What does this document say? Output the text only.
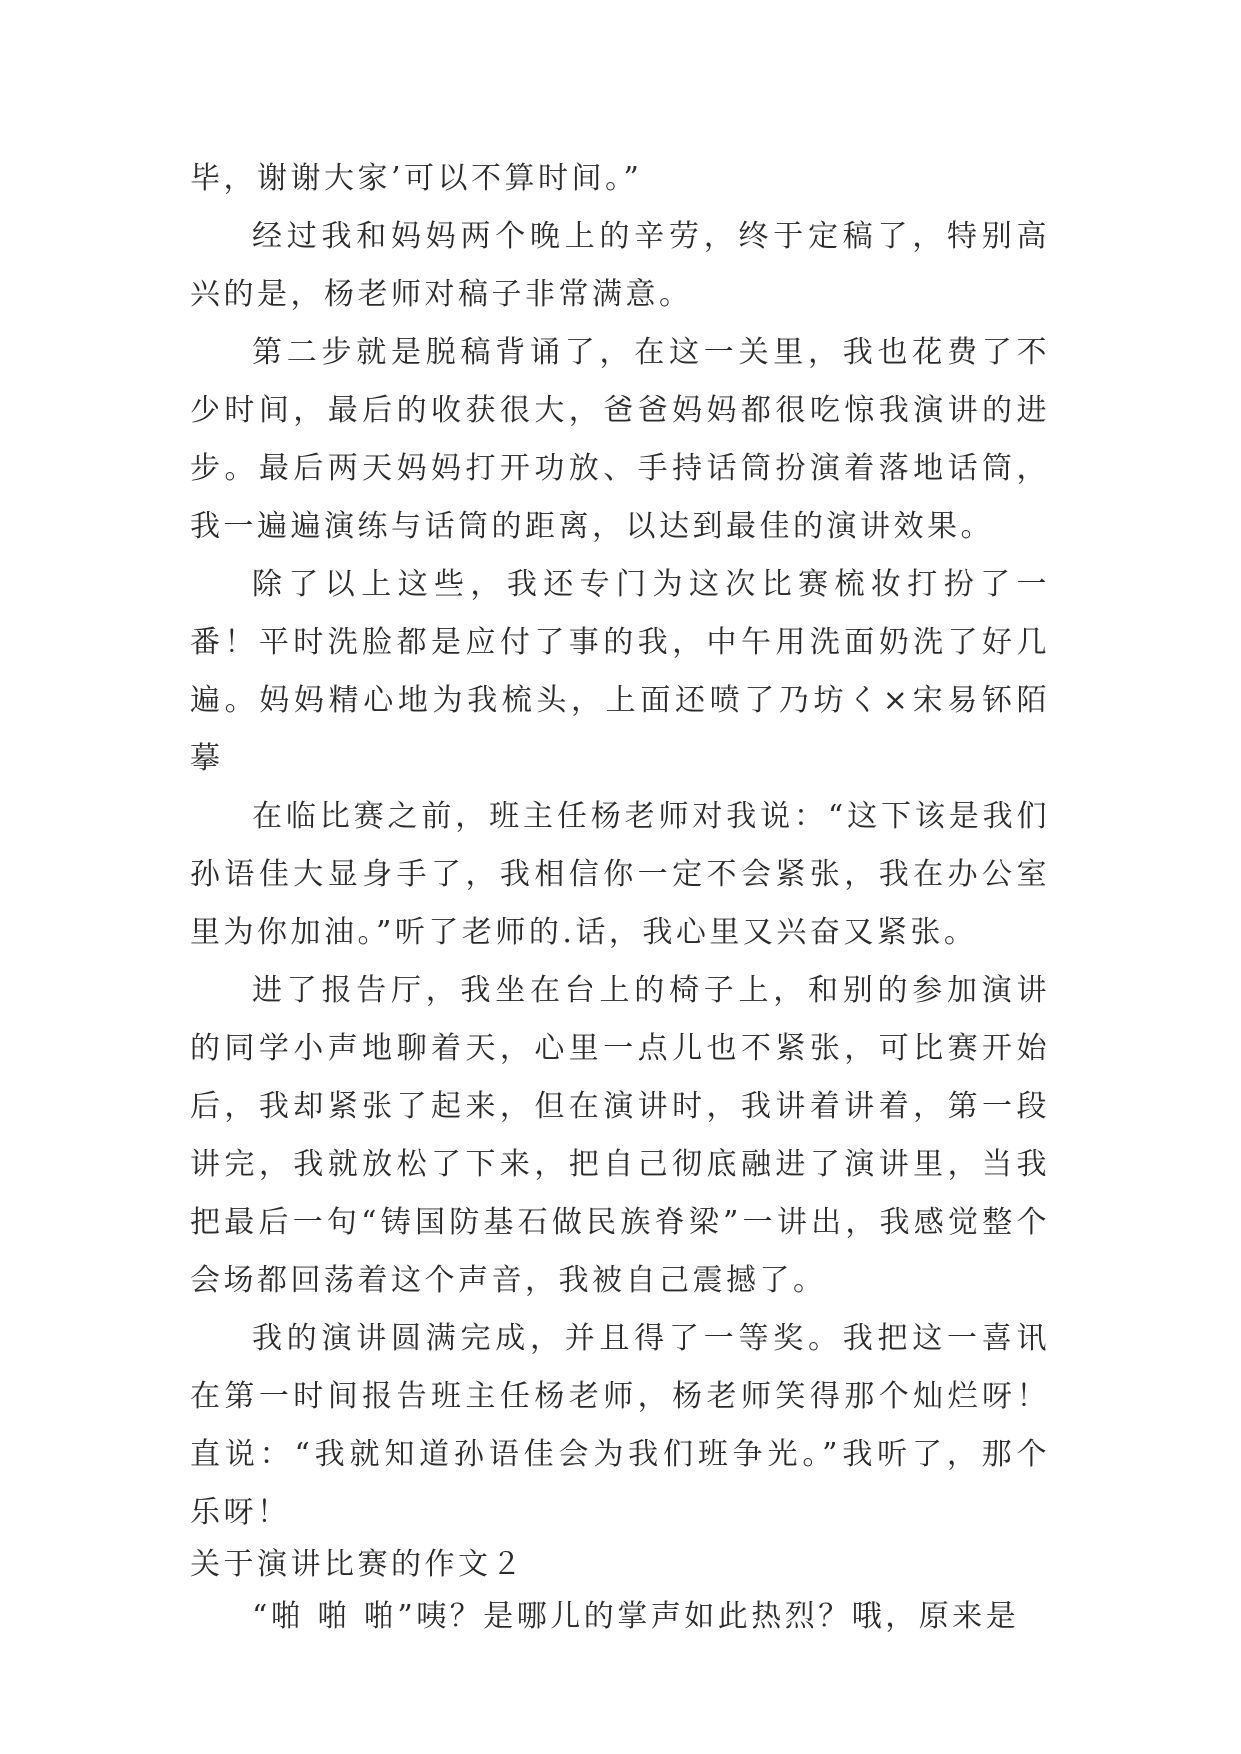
毕，谢谢大家’可以不算时间。”

经过我和妈妈两个晚上的辛劳，终于定稿了，特别高兴的是，杨老师对稿子非常满意。

第二步就是脱稿背诵了，在这一关里，我也花费了不少时间，最后的收获很大，爸爸妈妈都很吃惊我演讲的进步。最后两天妈妈打开功放、手持话筒扮演着落地话筒，我一遍遍演练与话筒的距离，以达到最佳的演讲效果。

除了以上这些，我还专门为这次比赛梳妆打扮了一番！平时洗脸都是应付了事的我，中午用洗面奶洗了好几遍。妈妈精心地为我梳头，上面还喷了乃坊く×宋易钚陌摹

在临比赛之前，班主任杨老师对我说：“这下该是我们孙语佳大显身手了，我相信你一定不会紧张，我在办公室里为你加油。”听了老师的.话，我心里又兴奋又紧张。

进了报告厅，我坐在台上的椅子上，和别的参加演讲的同学小声地聊着天，心里一点儿也不紧张，可比赛开始后，我却紧张了起来，但在演讲时，我讲着讲着，第一段讲完，我就放松了下来，把自己彻底融进了演讲里，当我把最后一句“铸国防基石做民族脊梁”一讲出，我感觉整个会场都回荡着这个声音，我被自己震撼了。

我的演讲圆满完成，并且得了一等奖。我把这一喜讯在第一时间报告班主任杨老师，杨老师笑得那个灿烂呀！直说：“我就知道孙语佳会为我们班争光。”我听了，那个乐呀！

关于演讲比赛的作文２

“啪 啪 啪”咦？是哪儿的掌声如此热烈？哦，原来是
